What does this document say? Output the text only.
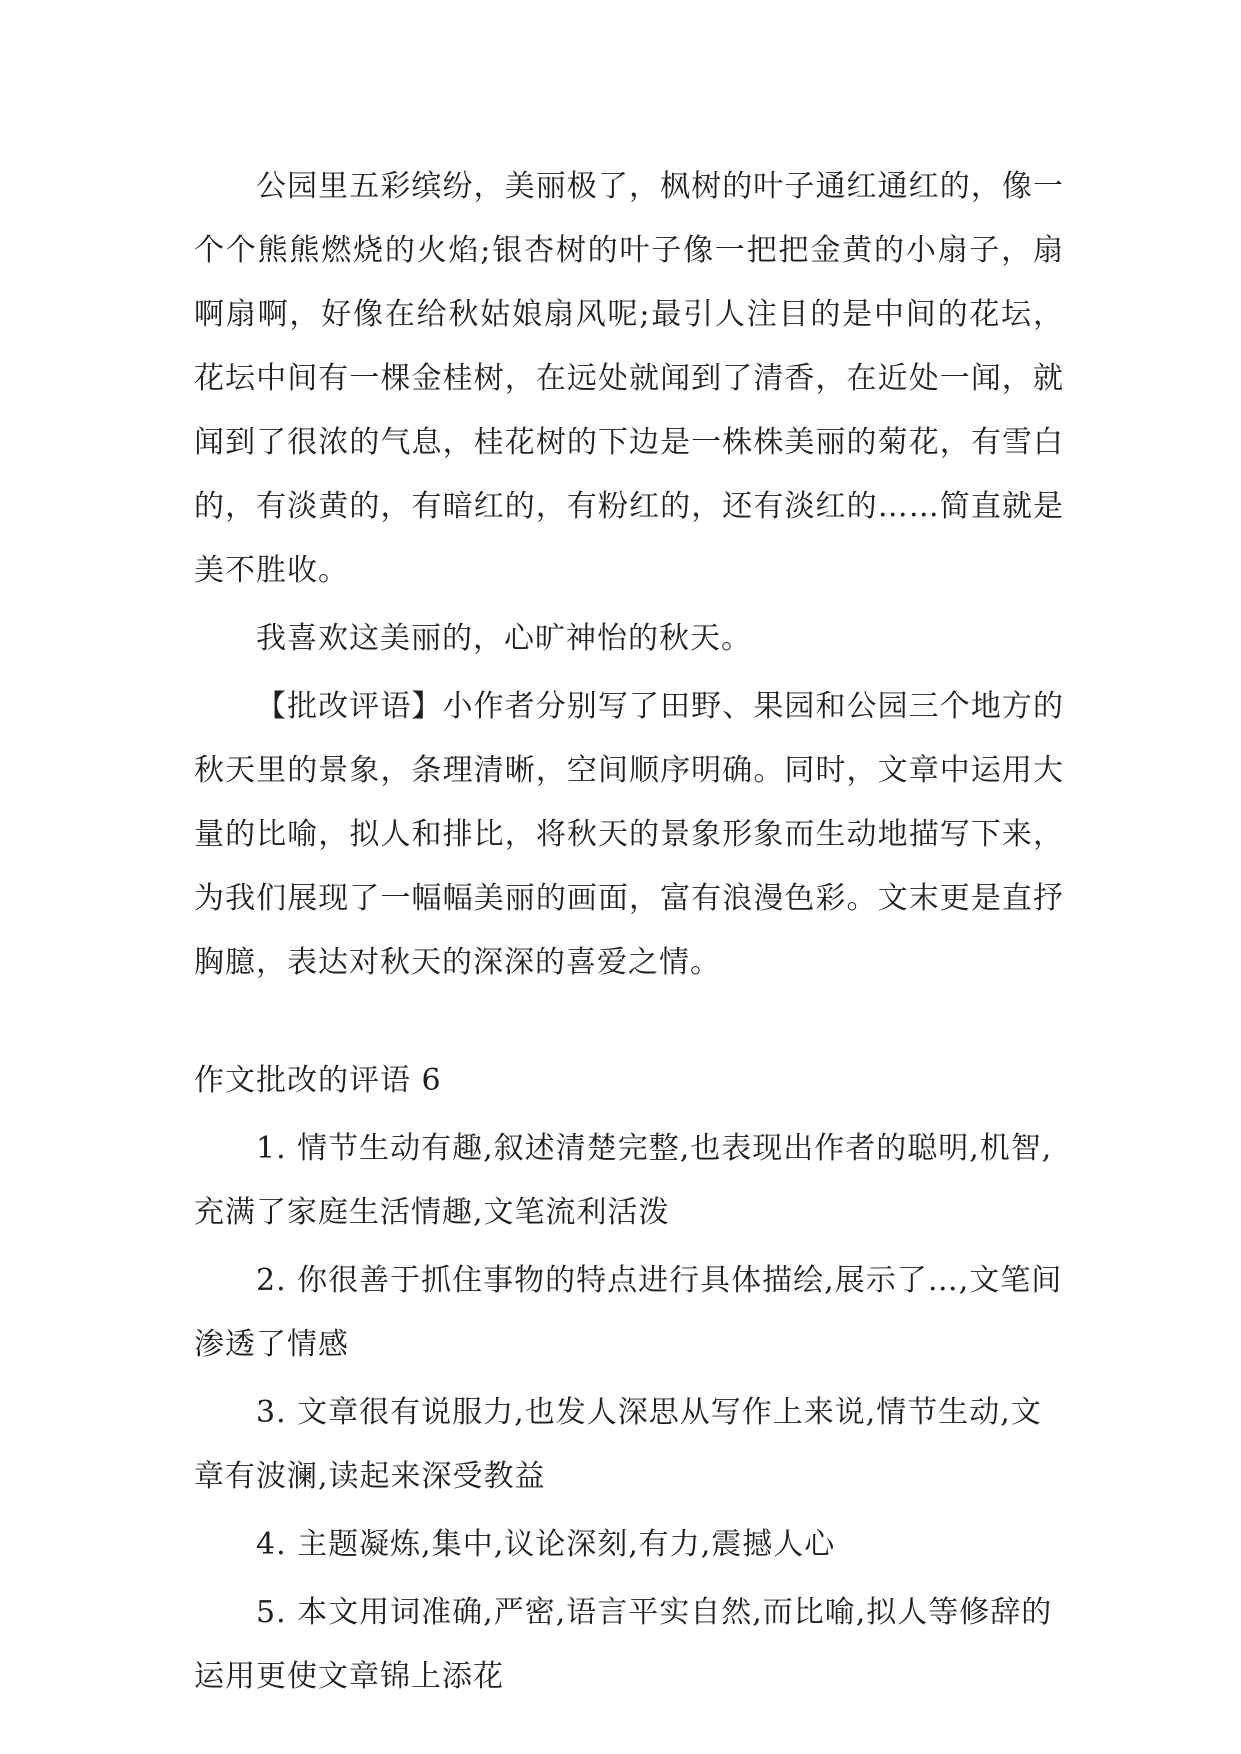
公园里五彩缤纷，美丽极了，枫树的叶子通红通红的，像一个个熊熊燃烧的火焰;银杏树的叶子像一把把金黄的小扇子，扇啊扇啊，好像在给秋姑娘扇风呢;最引人注目的是中间的花坛，花坛中间有一棵金桂树，在远处就闻到了清香，在近处一闻，就闻到了很浓的气息，桂花树的下边是一株株美丽的菊花，有雪白的，有淡黄的，有暗红的，有粉红的，还有淡红的……简直就是美不胜收。

我喜欢这美丽的，心旷神怡的秋天。

【批改评语】小作者分别写了田野、果园和公园三个地方的秋天里的景象，条理清晰，空间顺序明确。同时，文章中运用大量的比喻，拟人和排比，将秋天的景象形象而生动地描写下来，为我们展现了一幅幅美丽的画面，富有浪漫色彩。文末更是直抒胸臆，表达对秋天的深深的喜爱之情。

作文批改的评语 6

1. 情节生动有趣,叙述清楚完整,也表现出作者的聪明,机智,充满了家庭生活情趣,文笔流利活泼

2. 你很善于抓住事物的特点进行具体描绘,展示了…,文笔间渗透了情感

3. 文章很有说服力,也发人深思从写作上来说,情节生动,文章有波澜,读起来深受教益

4. 主题凝炼,集中,议论深刻,有力,震撼人心

5. 本文用词准确,严密,语言平实自然,而比喻,拟人等修辞的运用更使文章锦上添花
